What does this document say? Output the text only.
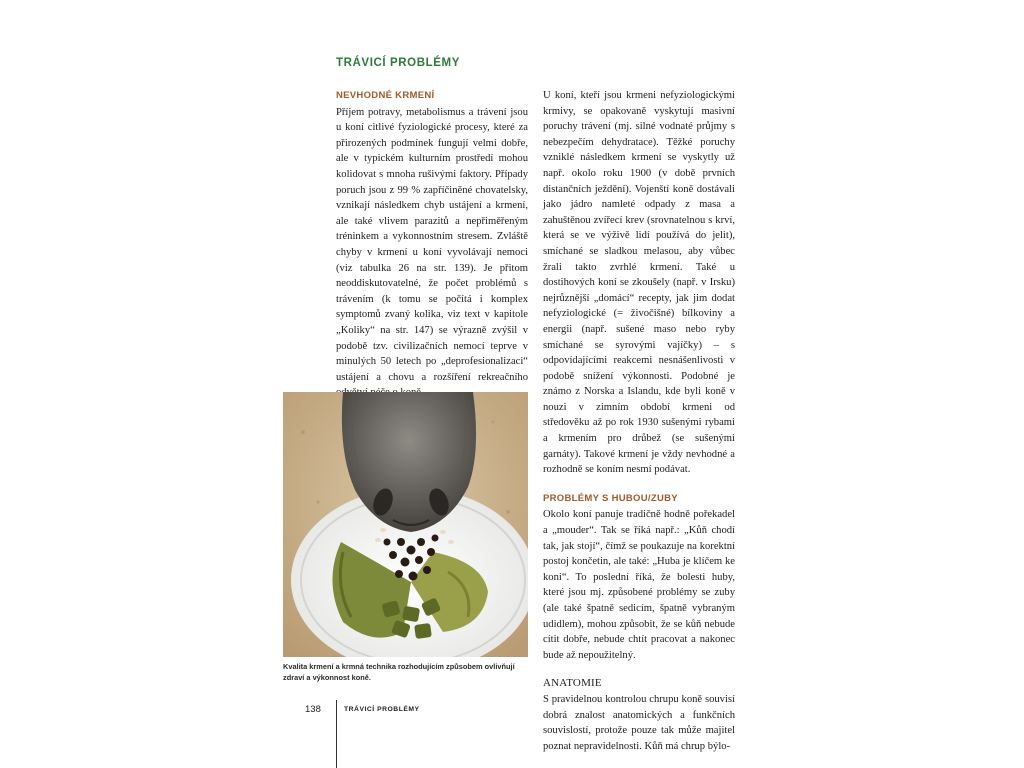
TRÁVICÍ PROBLÉMY
NEVHODNÉ KRMENÍ

Příjem potravy, metabolismus a trávení jsou u koní citlivé fyziologické procesy, které za přirozených podmínek fungují velmi dobře, ale v typickém kulturním prostředí mohou kolidovat s mnoha rušivými faktory. Případy poruch jsou z 99 % zapříčiněné chovatelsky, vznikají následkem chyb ustájení a krmení, ale také vlivem parazitů a nepřiměřeným tréninkem a vykonnostním stresem. Zvláště chyby v krmení u koní vyvolávají nemoci (viz tabulka 26 na str. 139). Je přitom neoddiskutovatelné, že počet problémů s trávením (k tomu se počítá i komplex symptomů zvaný kolika, viz text v kapitole „Koliky“ na str. 147) se výrazně zvýšil v podobě tzv. civilizačních nemocí teprve v minulých 50 letech po „deprofesionalizaci“ ustájení a chovu a rozšíření rekreačního

U koní, kteří jsou krmeni nefyziologickými krmivy, se opakovaně vyskytují masivní poruchy trávení (mj. silné vodnaté průjmy s nebezpečím dehydratace). Těžké poruchy vzniklé následkem krmení se vyskytly už např. okolo roku 1900 (v době prvních distančních ježdění). Vojenští koně dostávali jako jádro namleté odpady z masa a zahuštěnou zvířecí krev (srovnatelnou s krví, která se ve výživě lidí používá do jelit), smíchané se sladkou melasou, aby vůbec žrali takto zvrhlé krmení. Také u dostihových koní se zkoušely (např. v Irsku) nejrůznější „domácí“ recepty, jak jim dodat nefyziologické (= živočišné) bílkoviny a energii (např. sušené maso nebo ryby smíchané se syrovými vajíčky) – s odpovídajícími reakcemi nesnášenlivosti v podobě snížení výkonnosti. Podobné je známo z Norska a Islandu, kde byli koně v nouzi v zimním období krmeni od středověku až po rok 1930 sušenými rybami a krmením pro drůbež (se sušenými garnáty). Takové krmení je vždy nevhodné a rozhodně se koním nesmí podávat.

PROBLÉMY S HUBOU/ZUBY

Okolo koní panuje tradičně hodně pořekadel a „mouder“. Tak se říká např.: „Kůň chodí tak, jak stojí“, čímž se poukazuje na korektní postoj končetin, ale také: „Huba je klíčem ke koni“. To poslední říká, že bolesti huby, které jsou mj. způsobené problémy se zuby (ale také špatně sedicím, špatně vybraným udidlem), mohou způsobit, že se kůň nebude cítit dobře, nebude chtít pracovat a nakonec bude až nepoužitelný.

ANATOMIE

S pravidelnou kontrolou chrupu koně souvisí dobrá znalost anatomických a funkčních souvislostí, protože pouze tak může majitel poznat nepravidelnosti. Kůň má chrup býlo-

Kvalita krmení a krmná technika rozhodujícím způsobem ovlivňují zdraví a výkonnost koně.
138	TRÁVICÍ PROBLÉMY
